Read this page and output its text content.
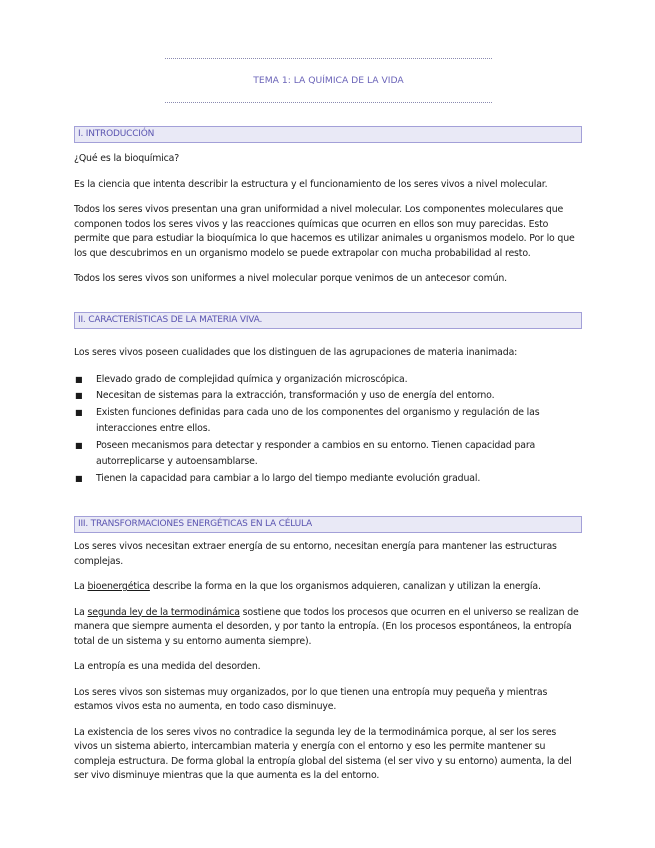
TEMA 1: LA QUÍMICA DE LA VIDA
I. INTRODUCCIÓN

¿Qué es la bioquímica?

Es la ciencia que intenta describir la estructura y el funcionamiento de los seres vivos a nivel molecular.

Todos los seres vivos presentan una gran uniformidad a nivel molecular. Los componentes moleculares que componen todos los seres vivos y las reacciones químicas que ocurren en ellos son muy parecidas. Esto permite que para estudiar la bioquímica lo que hacemos es utilizar animales u organismos modelo. Por lo que los que descubrimos en un organismo modelo se puede extrapolar con mucha probabilidad al resto.

Todos los seres vivos son uniformes a nivel molecular porque venimos de un antecesor común.

II. CARACTERÍSTICAS DE LA MATERIA VIVA.

Los seres vivos poseen cualidades que los distinguen de las agrupaciones de materia inanimada:

■ Elevado grado de complejidad química y organización microscópica.
■ Necesitan de sistemas para la extracción, transformación y uso de energía del entorno.
■ Existen funciones definidas para cada uno de los componentes del organismo y regulación de las interacciones entre ellos.
■ Poseen mecanismos para detectar y responder a cambios en su entorno. Tienen capacidad para autorreplicarse y autoensamblarse.
■ Tienen la capacidad para cambiar a lo largo del tiempo mediante evolución gradual.
III. TRANSFORMACIONES ENERGÉTICAS EN LA CÉLULA

Los seres vivos necesitan extraer energía de su entorno, necesitan energía para mantener las estructuras complejas.

La bioenergética describe la forma en la que los organismos adquieren, canalizan y utilizan la energía.

La segunda ley de la termodinámica sostiene que todos los procesos que ocurren en el universo se realizan de manera que siempre aumenta el desorden, y por tanto la entropía. (En los procesos espontáneos, la entropía total de un sistema y su entorno aumenta siempre).

La entropía es una medida del desorden.

Los seres vivos son sistemas muy organizados, por lo que tienen una entropía muy pequeña y mientras estamos vivos esta no aumenta, en todo caso disminuye.

La existencia de los seres vivos no contradice la segunda ley de la termodinámica porque, al ser los seres vivos un sistema abierto, intercambian materia y energía con el entorno y eso les permite mantener su compleja estructura. De forma global la entropía global del sistema (el ser vivo y su entorno) aumenta, la del ser vivo disminuye mientras que la que aumenta es la del entorno.
